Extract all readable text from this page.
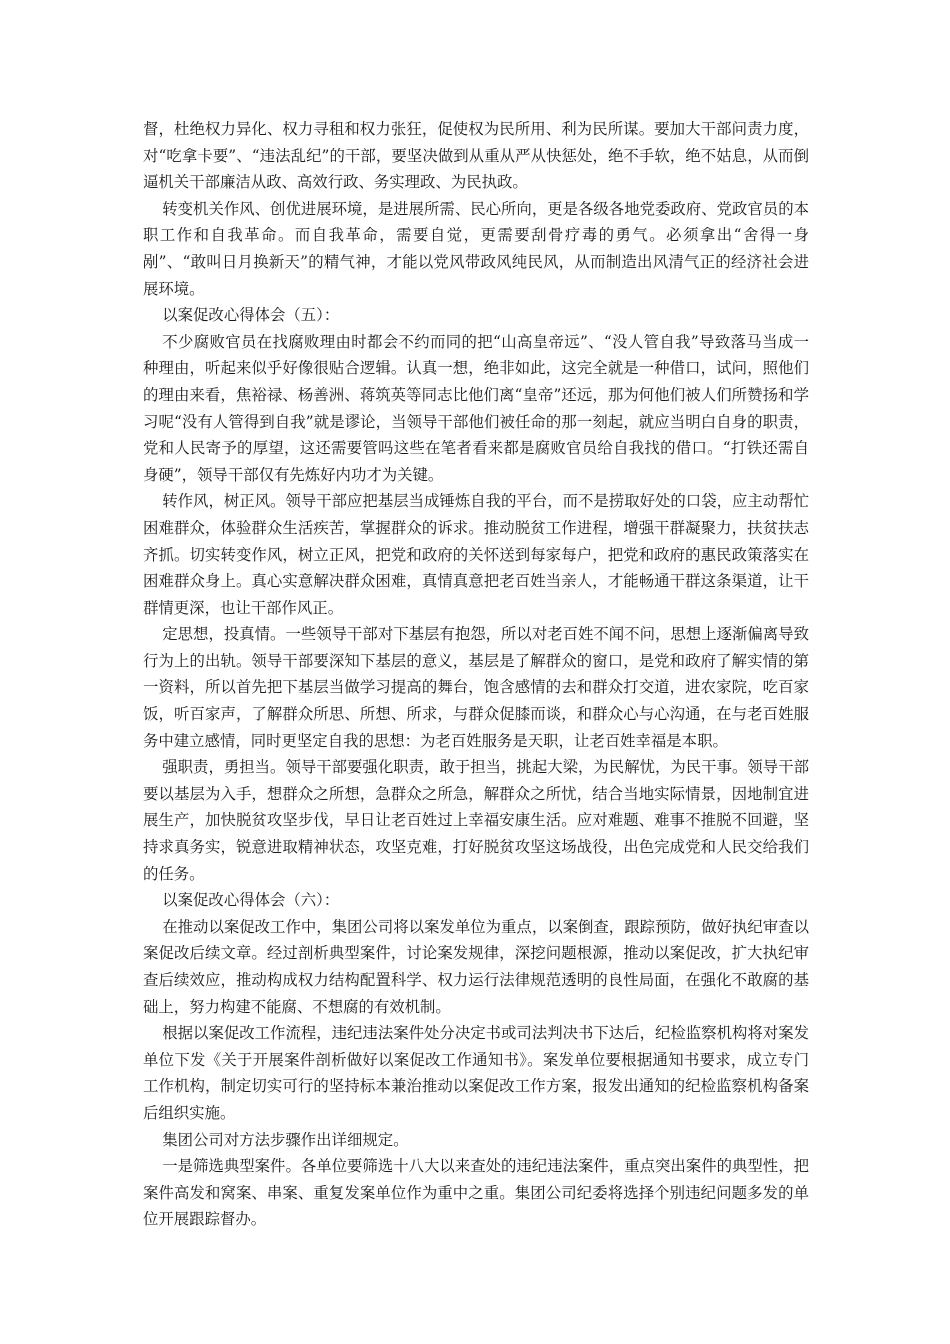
督，杜绝权力异化、权力寻租和权力张狂，促使权为民所用、利为民所谋。要加大干部问责力度，对“吃拿卡要”、“违法乱纪”的干部，要坚决做到从重从严从快惩处，绝不手软，绝不姑息，从而倒逼机关干部廉洁从政、高效行政、务实理政、为民执政。

转变机关作风、创优进展环境，是进展所需、民心所向，更是各级各地党委政府、党政官员的本职工作和自我革命。而自我革命，需要自觉，更需要刮骨疗毒的勇气。必须拿出“舍得一身剐”、“敢叫日月换新天”的精气神，才能以党风带政风纯民风，从而制造出风清气正的经济社会进展环境。

以案促改心得体会（五）：

不少腐败官员在找腐败理由时都会不约而同的把“山高皇帝远”、“没人管自我”导致落马当成一种理由，听起来似乎好像很贴合逻辑。认真一想，绝非如此，这完全就是一种借口，试问，照他们的理由来看，焦裕禄、杨善洲、蒋筑英等同志比他们离“皇帝”还远，那为何他们被人们所赞扬和学习呢“没有人管得到自我”就是谬论，当领导干部他们被任命的那一刻起，就应当明白自身的职责，党和人民寄予的厚望，这还需要管吗这些在笔者看来都是腐败官员给自我找的借口。“打铁还需自身硬”，领导干部仅有先炼好内功才为关键。

转作风，树正风。领导干部应把基层当成锤炼自我的平台，而不是捞取好处的口袋，应主动帮忙困难群众，体验群众生活疾苦，掌握群众的诉求。推动脱贫工作进程，增强干群凝聚力，扶贫扶志齐抓。切实转变作风，树立正风，把党和政府的关怀送到每家每户，把党和政府的惠民政策落实在困难群众身上。真心实意解决群众困难，真情真意把老百姓当亲人，才能畅通干群这条渠道，让干群情更深，也让干部作风正。

定思想，投真情。一些领导干部对下基层有抱怨，所以对老百姓不闻不问，思想上逐渐偏离导致行为上的出轨。领导干部要深知下基层的意义，基层是了解群众的窗口，是党和政府了解实情的第一资料，所以首先把下基层当做学习提高的舞台，饱含感情的去和群众打交道，进农家院，吃百家饭，听百家声，了解群众所思、所想、所求，与群众促膝而谈，和群众心与心沟通，在与老百姓服务中建立感情，同时更坚定自我的思想：为老百姓服务是天职，让老百姓幸福是本职。

强职责，勇担当。领导干部要强化职责，敢于担当，挑起大梁，为民解忧，为民干事。领导干部要以基层为入手，想群众之所想，急群众之所急，解群众之所忧，结合当地实际情景，因地制宜进展生产，加快脱贫攻坚步伐，早日让老百姓过上幸福安康生活。应对难题、难事不推脱不回避，坚持求真务实，锐意进取精神状态，攻坚克难，打好脱贫攻坚这场战役，出色完成党和人民交给我们的任务。

以案促改心得体会（六）：

在推动以案促改工作中，集团公司将以案发单位为重点，以案倒查，跟踪预防，做好执纪审查以案促改后续文章。经过剖析典型案件，讨论案发规律，深挖问题根源，推动以案促改，扩大执纪审查后续效应，推动构成权力结构配置科学、权力运行法律规范透明的良性局面，在强化不敢腐的基础上，努力构建不能腐、不想腐的有效机制。

根据以案促改工作流程，违纪违法案件处分决定书或司法判决书下达后，纪检监察机构将对案发单位下发《关于开展案件剖析做好以案促改工作通知书》。案发单位要根据通知书要求，成立专门工作机构，制定切实可行的坚持标本兼治推动以案促改工作方案，报发出通知的纪检监察机构备案后组织实施。

集团公司对方法步骤作出详细规定。

一是筛选典型案件。各单位要筛选十八大以来查处的违纪违法案件，重点突出案件的典型性，把案件高发和窝案、串案、重复发案单位作为重中之重。集团公司纪委将选择个别违纪问题多发的单位开展跟踪督办。
